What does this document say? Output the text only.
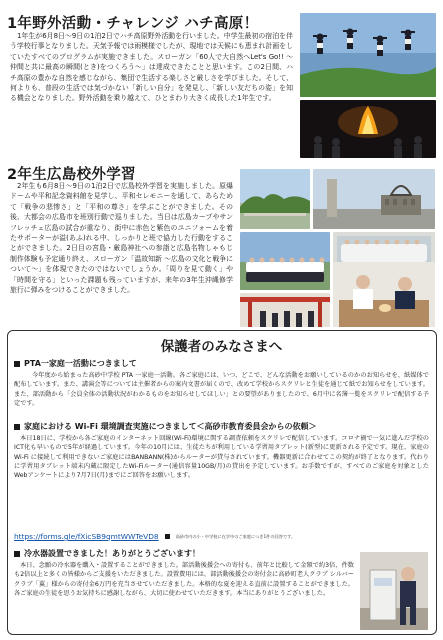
1年野外活動・チャレンジ ハチ高原！
1年生が6月8日～9日の1泊2日でハチ高原野外活動を行いました。中学生最初の宿泊を伴う学校行事となりました。天気予報では雨模様でしたが、現地では天候にも恵まれ計画をしていたすべてのプログラムが実施できました。スローガン「60人で大自然へLet's Go!! ～仲間と共に最高の瞬間(とき)をつくろう～」は達成できたことと思います。この2日間、ハチ高原の豊かな自然を感じながら、集団で生活する楽しさと厳しさを学びました。そして、何よりも、普段の生活では気づかない「新しい自分」を発見し、「新しい友だちの姿」を知る機会となりました。野外活動を乗り越えて、ひとまわり大きく成長した1年生です。
2年生広島校外学習
2年生も6月8日～9日の1泊2日で広島校外学習を実施しました。原爆ドームや平和記念資料館を見学し、平和セレモニーを通して、あらためて「戦争の悲惨さ」と「平和の尊さ」を学ぶことができました。その後、大都会の広島市を班別行動で巡りました。当日は広島カープやサンフレッチェ広島の試合が重なり、街中に赤色と紫色のユニフォームを着たサポーターが溢(あふ)れる中、しっかりと班で協力した行動をすることができました。2日目の宮島・厳島神社への参詣と広島名物しゃもじ制作体験も予定通り終え、スローガン「温故知新 ～広島の文化と戦争について～」を体現できたのではないでしょうか。「周りを見て動く」や「時間を守る」といった課題も残っていますが、来年の3年生沖縄修学旅行に弾みをつけることができました。
保護者のみなさまへ
PTA一家庭一活動につきまして
今年度から始まった高砂中学校 PTA 一家庭一活動。各ご家庭には、いつ、どこで、どんな活動をお願いしているのかのお知らせを、紙媒体で配布しています。また、講演会等については主催者からの案内文書が届くので、改めて学校からスクリレと生徒を通じて紙でお知らせをしています。また、部活動から「会員全体の活動状況がわかるものをお知らせしてほしい」との要望がありましたので、6月中に名簿一覧をスクリレで配信する予定です。
家庭における Wi-Fi 環境調査実施につきまして＜高砂市教育委員会からの依頼＞
本日18日に、学校から各ご家庭のインターネット回線(Wi-Fi)環境に関する調査依頼をスクリレで配信しています。コロナ禍で一気に進んだ学校のICT化も早いもので5年が経過しています。今年の10月には、生徒たちが利用している学習用タブレット(新型)に更新される予定です。現在、家庭の Wi-Fi に接続して利用できないご家庭にはBANBANN(株)からルーターが貸与されています。機器更新に合わせてこの契約が終了となります。代わりに学習用タブレット端末内蔵に限定したWi-Fiルーター(通信容量10GB/月)の貸出を予定しています。お手数ですが、すべてのご家庭を対象としたWebアンケートにより7月7日(月)までにご回答をお願いします。
https://forms.gle/fXicSB9qmtWWTeVD8	高砂市内の小・中学校に在学中のご家庭につき1件の回答です。
冷水器設置できました！ありがとうございます！
本日、念願の冷水器を購入・設置することができました。部活動後援会への寄付も、前年と比較して金額で約3倍、件数も2倍以上と多くの皆様からご支援をいただきました。設置費用には、部活動後援会の寄付金に高砂町老人クラブ シルバークラブ「翼」様からの寄付金6万円を充当させていただきました。本格的な夏を迎える直前に設置することができました。各ご家庭の生徒を思うお気持ちに感謝しながら、大切に使わせていただきます。本当にありがとうございました。
